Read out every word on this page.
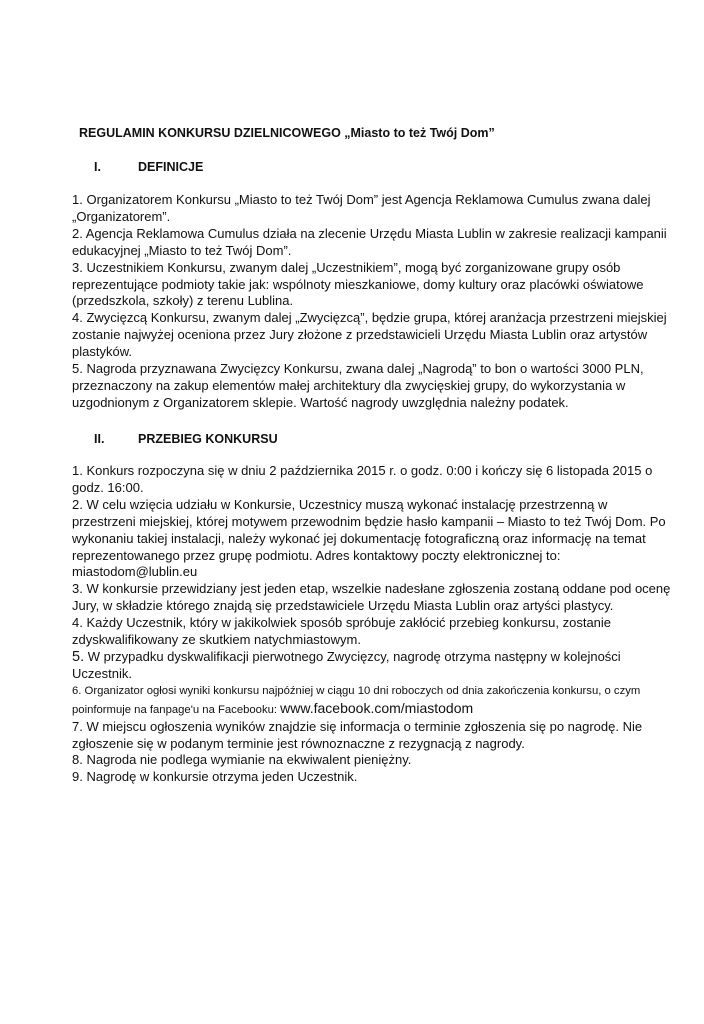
REGULAMIN KONKURSU DZIELNICOWEGO „Miasto to też Twój Dom”
I.	DEFINICJE

1. Organizatorem Konkursu „Miasto to też Twój Dom” jest Agencja Reklamowa Cumulus zwana dalej „Organizatorem”.

2. Agencja Reklamowa Cumulus działa na zlecenie Urzędu Miasta Lublin w zakresie realizacji kampanii edukacyjnej „Miasto to też Twój Dom”.

3. Uczestnikiem Konkursu, zwanym dalej „Uczestnikiem”, mogą być zorganizowane grupy osób reprezentujące podmioty takie jak: wspólnoty mieszkaniowe, domy kultury oraz placówki oświatowe (przedszkola, szkoły) z terenu Lublina.

4. Zwycięzcą Konkursu, zwanym dalej „Zwycięzcą”, będzie grupa, której aranżacja przestrzeni miejskiej zostanie najwyżej oceniona przez Jury złożone z przedstawicieli Urzędu Miasta Lublin oraz artystów plastyków.

5. Nagroda przyznawana Zwycięzcy Konkursu, zwana dalej „Nagrodą” to bon o wartości 3000 PLN, przeznaczony na zakup elementów małej architektury dla zwycięskiej grupy, do wykorzystania w uzgodnionym z Organizatorem sklepie. Wartość nagrody uwzględnia należny podatek.

II.	PRZEBIEG KONKURSU

1. Konkurs rozpoczyna się w dniu 2 października 2015 r. o godz. 0:00 i kończy się 6 listopada 2015 o godz. 16:00.

2. W celu wzięcia udziału w Konkursie, Uczestnicy muszą wykonać instalację przestrzenną w przestrzeni miejskiej, której motywem przewodnim będzie hasło kampanii – Miasto to też Twój Dom. Po wykonaniu takiej instalacji, należy wykonać jej dokumentację fotograficzną oraz informację na temat reprezentowanego przez grupę podmiotu. Adres kontaktowy poczty elektronicznej to: miastodom@lublin.eu

3. W konkursie przewidziany jest jeden etap, wszelkie nadesłane zgłoszenia zostaną oddane pod ocenę Jury, w składzie którego znajdą się przedstawiciele Urzędu Miasta Lublin oraz artyści plastycy.

4. Każdy Uczestnik, który w jakikolwiek sposób spróbuje zakłócić przebieg konkursu, zostanie zdyskwalifikowany ze skutkiem natychmiastowym.

5. W przypadku dyskwalifikacji pierwotnego Zwycięzcy, nagrodę otrzyma następny w kolejności Uczestnik.

6. Organizator ogłosi wyniki konkursu najpóźniej w ciągu 10 dni roboczych od dnia zakończenia konkursu, o czym poinformuje na fanpage'u na Facebooku: www.facebook.com/miastodom

7. W miejscu ogłoszenia wyników znajdzie się informacja o terminie zgłoszenia się po nagrodę. Nie zgłoszenie się w podanym terminie jest równoznaczne z rezygnacją z nagrody.

8. Nagroda nie podlega wymianie na ekwiwalent pieniężny.

9. Nagrodę w konkursie otrzyma jeden Uczestnik.
